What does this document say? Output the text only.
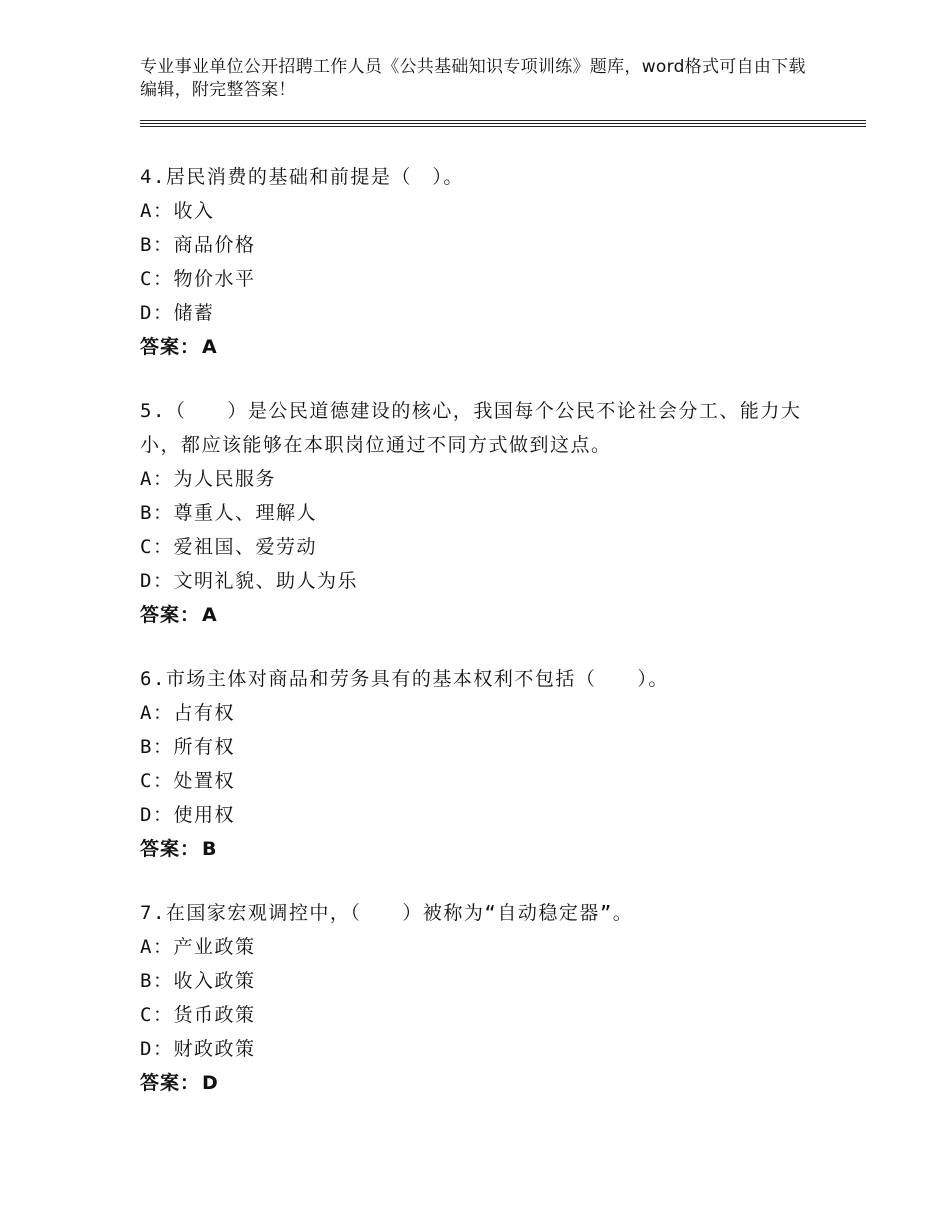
专业事业单位公开招聘工作人员《公共基础知识专项训练》题库，word格式可自由下载编辑，附完整答案！

4.居民消费的基础和前提是（　）。

A：收入

B：商品价格

C：物价水平

D：储蓄

答案： A

5.（　　）是公民道德建设的核心，我国每个公民不论社会分工、能力大小，都应该能够在本职岗位通过不同方式做到这点。

A：为人民服务

B：尊重人、理解人

C：爱祖国、爱劳动

D：文明礼貌、助人为乐

答案： A

6.市场主体对商品和劳务具有的基本权利不包括（　　）。

A：占有权

B：所有权

C：处置权

D：使用权

答案： B

7.在国家宏观调控中，（　　）被称为“自动稳定器”。

A：产业政策

B：收入政策

C：货币政策

D：财政政策

答案： D
